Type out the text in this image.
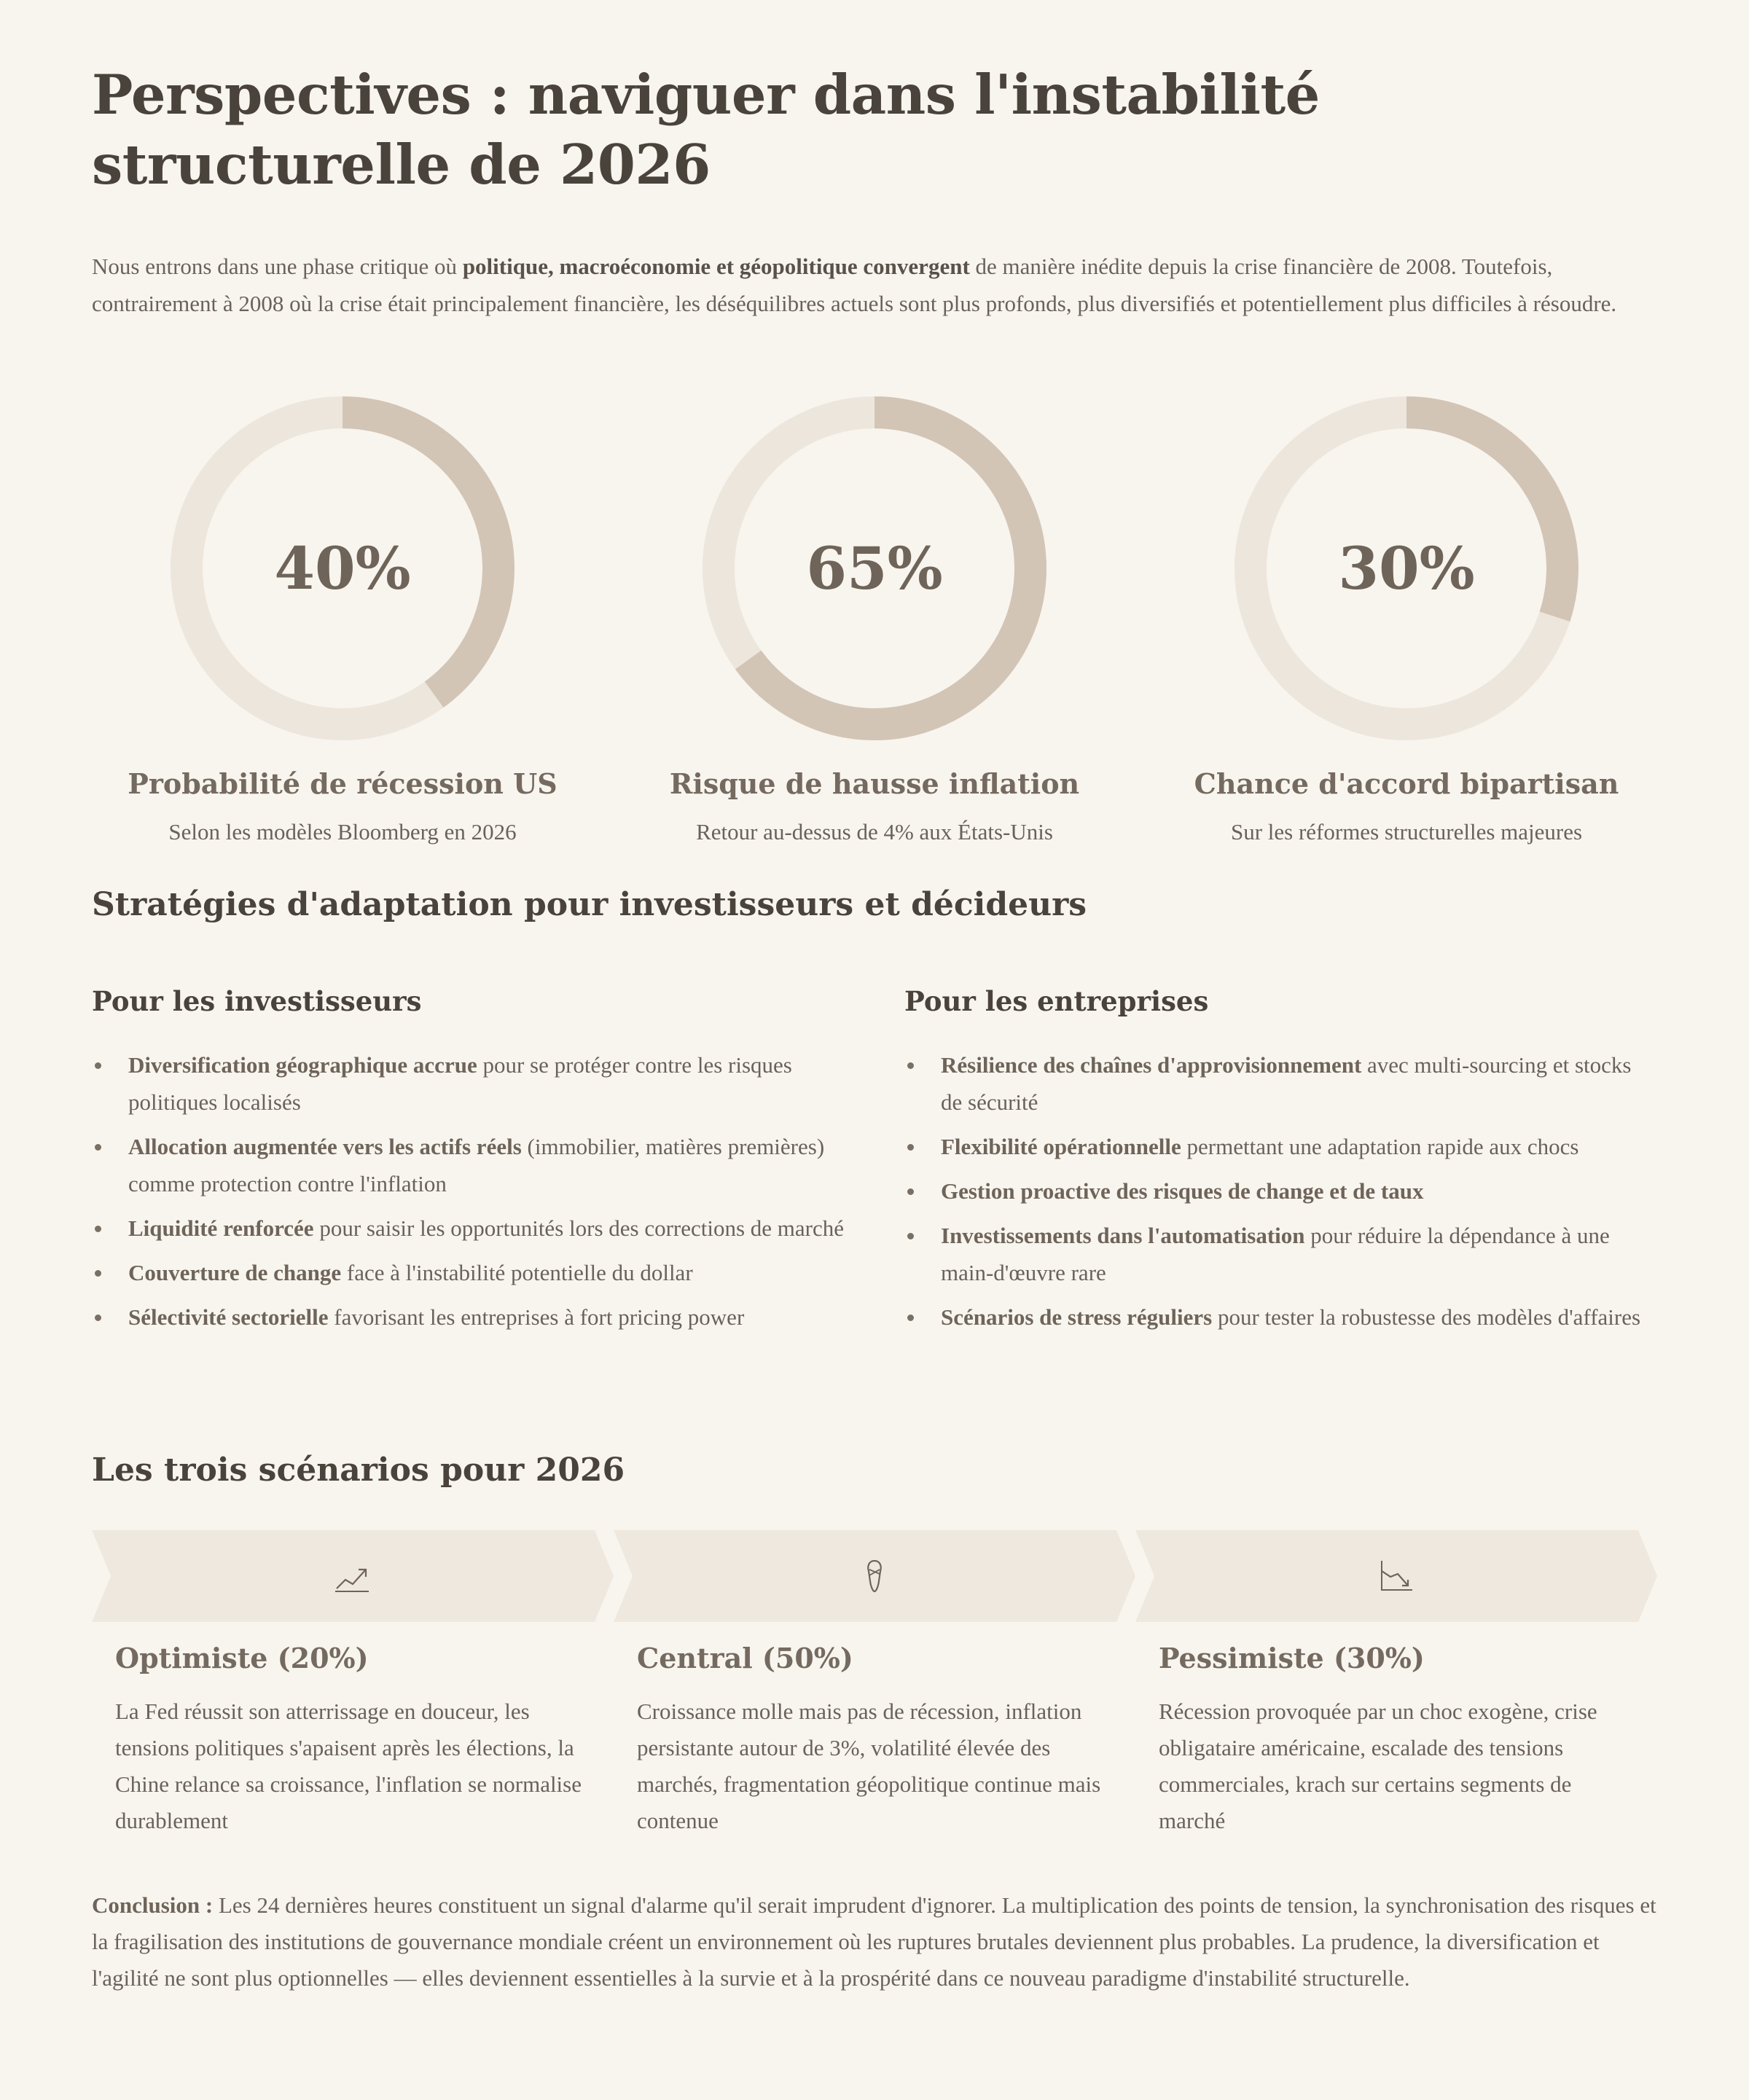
Perspectives : naviguer dans l'instabilité structurelle de 2026

Nous entrons dans une phase critique où politique, macroéconomie et géopolitique convergent de manière inédite depuis la crise financière de 2008. Toutefois, contrairement à 2008 où la crise était principalement financière, les déséquilibres actuels sont plus profonds, plus diversifiés et potentiellement plus difficiles à résoudre.

40%
Probabilité de récession US
Selon les modèles Bloomberg en 2026
65%
Risque de hausse inflation
Retour au-dessus de 4% aux États-Unis
30%
Chance d'accord bipartisan
Sur les réformes structurelles majeures
Stratégies d'adaptation pour investisseurs et décideurs
Pour les investisseurs
Diversification géographique accrue pour se protéger contre les risques politiques localisés
Allocation augmentée vers les actifs réels (immobilier, matières premières) comme protection contre l'inflation
Liquidité renforcée pour saisir les opportunités lors des corrections de marché
Couverture de change face à l'instabilité potentielle du dollar
Sélectivité sectorielle favorisant les entreprises à fort pricing power
Pour les entreprises
Résilience des chaînes d'approvisionnement avec multi-sourcing et stocks de sécurité
Flexibilité opérationnelle permettant une adaptation rapide aux chocs
Gestion proactive des risques de change et de taux
Investissements dans l'automatisation pour réduire la dépendance à une main-d'œuvre rare
Scénarios de stress réguliers pour tester la robustesse des modèles d'affaires
Les trois scénarios pour 2026
Optimiste (20%)
La Fed réussit son atterrissage en douceur, les tensions politiques s'apaisent après les élections, la Chine relance sa croissance, l'inflation se normalise durablement
Central (50%)
Croissance molle mais pas de récession, inflation persistante autour de 3%, volatilité élevée des marchés, fragmentation géopolitique continue mais contenue
Pessimiste (30%)
Récession provoquée par un choc exogène, crise obligataire américaine, escalade des tensions commerciales, krach sur certains segments de marché

Conclusion : Les 24 dernières heures constituent un signal d'alarme qu'il serait imprudent d'ignorer. La multiplication des points de tension, la synchronisation des risques et la fragilisation des institutions de gouvernance mondiale créent un environnement où les ruptures brutales deviennent plus probables. La prudence, la diversification et l'agilité ne sont plus optionnelles — elles deviennent essentielles à la survie et à la prospérité dans ce nouveau paradigme d'instabilité structurelle.
